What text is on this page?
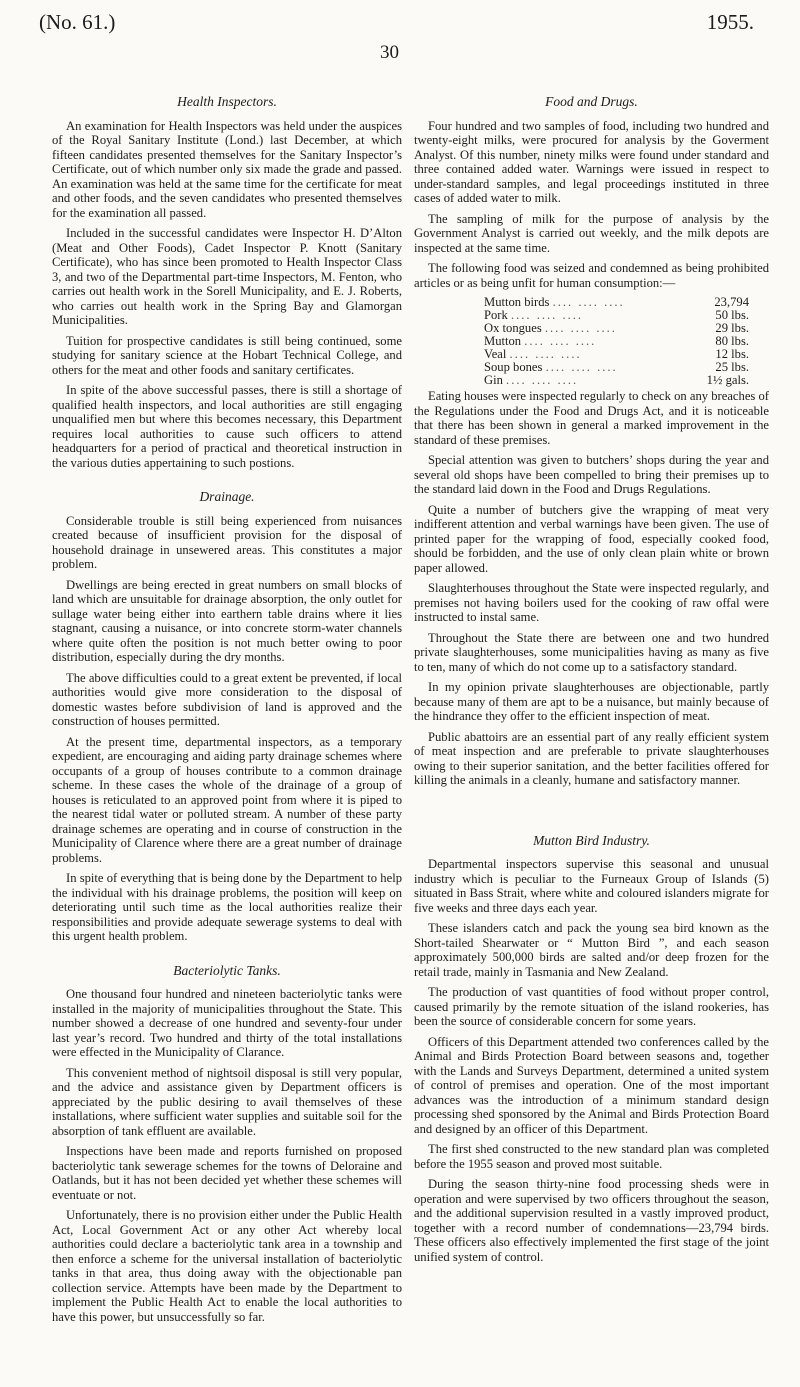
(No. 61.)
30
1955.
Health Inspectors.

An examination for Health Inspectors was held under the auspices of the Royal Sanitary Institute (Lond.) last December, at which fifteen candidates presented themselves for the Sanitary Inspector’s Certificate, out of which number only six made the grade and passed. An examination was held at the same time for the certificate for meat and other foods, and the seven candidates who presented themselves for the examination all passed.

Included in the successful candidates were Inspector H. D’Alton (Meat and Other Foods), Cadet Inspector P. Knott (Sanitary Certificate), who has since been promoted to Health Inspector Class 3, and two of the Departmental part-time Inspectors, M. Fenton, who carries out health work in the Sorell Municipality, and E. J. Roberts, who carries out health work in the Spring Bay and Glamorgan Municipalities.

Tuition for prospective candidates is still being continued, some studying for sanitary science at the Hobart Technical College, and others for the meat and other foods and sanitary certificates.

In spite of the above successful passes, there is still a shortage of qualified health inspectors, and local authorities are still engaging unqualified men but where this becomes necessary, this Department requires local authorities to cause such officers to attend headquarters for a period of practical and theoretical instruction in the various duties appertaining to such postions.

Drainage.

Considerable trouble is still being experienced from nuisances created because of insufficient provision for the disposal of household drainage in unsewered areas. This constitutes a major problem.

Dwellings are being erected in great numbers on small blocks of land which are unsuitable for drainage absorption, the only outlet for sullage water being either into earthern table drains where it lies stagnant, causing a nuisance, or into concrete storm-water channels where quite often the position is not much better owing to poor distribution, especially during the dry months.

The above difficulties could to a great extent be prevented, if local authorities would give more consideration to the disposal of domestic wastes before subdivision of land is approved and the construction of houses permitted.

At the present time, departmental inspectors, as a temporary expedient, are encouraging and aiding party drainage schemes where occupants of a group of houses contribute to a common drainage scheme. In these cases the whole of the drainage of a group of houses is reticulated to an approved point from where it is piped to the nearest tidal water or polluted stream. A number of these party drainage schemes are operating and in course of construction in the Municipality of Clarence where there are a great number of drainage problems.

In spite of everything that is being done by the Department to help the individual with his drainage problems, the position will keep on deteriorating until such time as the local authorities realize their responsibilities and provide adequate sewerage systems to deal with this urgent health problem.

Bacteriolytic Tanks.

One thousand four hundred and nineteen bacteriolytic tanks were installed in the majority of municipalities throughout the State. This number showed a decrease of one hundred and seventy-four under last year’s record. Two hundred and thirty of the total installations were effected in the Municipality of Clarance.

This convenient method of nightsoil disposal is still very popular, and the advice and assistance given by Department officers is appreciated by the public desiring to avail themselves of these installations, where sufficient water supplies and suitable soil for the absorption of tank effluent are available.

Inspections have been made and reports furnished on proposed bacteriolytic tank sewerage schemes for the towns of Deloraine and Oatlands, but it has not been decided yet whether these schemes will eventuate or not.

Unfortunately, there is no provision either under the Public Health Act, Local Government Act or any other Act whereby local authorities could declare a bacteriolytic tank area in a township and then enforce a scheme for the universal installation of bacteriolytic tanks in that area, thus doing away with the objectionable pan collection service. Attempts have been made by the Department to implement the Public Health Act to enable the local authorities to have this power, but unsuccessfully so far.

Food and Drugs.

Four hundred and two samples of food, including two hundred and twenty-eight milks, were procured for analysis by the Goverment Analyst. Of this number, ninety milks were found under standard and three contained added water. Warnings were issued in respect to under-standard samples, and legal proceedings instituted in three cases of added water to milk.

The sampling of milk for the purpose of analysis by the Government Analyst is carried out weekly, and the milk depots are inspected at the same time.

The following food was seized and condemned as being prohibited articles or as being unfit for human consumption:—

Mutton birds .... .... ....	23,794
Pork .... .... ....	50 lbs.
Ox tongues .... .... ....	29 lbs.
Mutton .... .... ....	80 lbs.
Veal .... .... ....	12 lbs.
Soup bones .... .... ....	25 lbs.
Gin .... .... ....	1½ gals.

Eating houses were inspected regularly to check on any breaches of the Regulations under the Food and Drugs Act, and it is noticeable that there has been shown in general a marked improvement in the standard of these premises.

Special attention was given to butchers’ shops during the year and several old shops have been compelled to bring their premises up to the standard laid down in the Food and Drugs Regulations.

Quite a number of butchers give the wrapping of meat very indifferent attention and verbal warnings have been given. The use of printed paper for the wrapping of food, especially cooked food, should be forbidden, and the use of only clean plain white or brown paper allowed.

Slaughterhouses throughout the State were inspected regularly, and premises not having boilers used for the cooking of raw offal were instructed to instal same.

Throughout the State there are between one and two hundred private slaughterhouses, some municipalities having as many as five to ten, many of which do not come up to a satisfactory standard.

In my opinion private slaughterhouses are objectionable, partly because many of them are apt to be a nuisance, but mainly because of the hindrance they offer to the efficient inspection of meat.

Public abattoirs are an essential part of any really efficient system of meat inspection and are preferable to private slaughterhouses owing to their superior sanitation, and the better facilities offered for killing the animals in a cleanly, humane and satisfactory manner.

Mutton Bird Industry.

Departmental inspectors supervise this seasonal and unusual industry which is peculiar to the Furneaux Group of Islands (5) situated in Bass Strait, where white and coloured islanders migrate for five weeks and three days each year.

These islanders catch and pack the young sea bird known as the Short-tailed Shearwater or “ Mutton Bird ”, and each season approximately 500,000 birds are salted and/or deep frozen for the retail trade, mainly in Tasmania and New Zealand.

The production of vast quantities of food without proper control, caused primarily by the remote situation of the island rookeries, has been the source of considerable concern for some years.

Officers of this Department attended two conferences called by the Animal and Birds Protection Board between seasons and, together with the Lands and Surveys Department, determined a united system of control of premises and operation. One of the most important advances was the introduction of a minimum standard design processing shed sponsored by the Animal and Birds Protection Board and designed by an officer of this Department.

The first shed constructed to the new standard plan was completed before the 1955 season and proved most suitable.

During the season thirty-nine food processing sheds were in operation and were supervised by two officers throughout the season, and the additional supervision resulted in a vastly improved product, together with a record number of condemnations—23,794 birds. These officers also effectively implemented the first stage of the joint unified system of control.
